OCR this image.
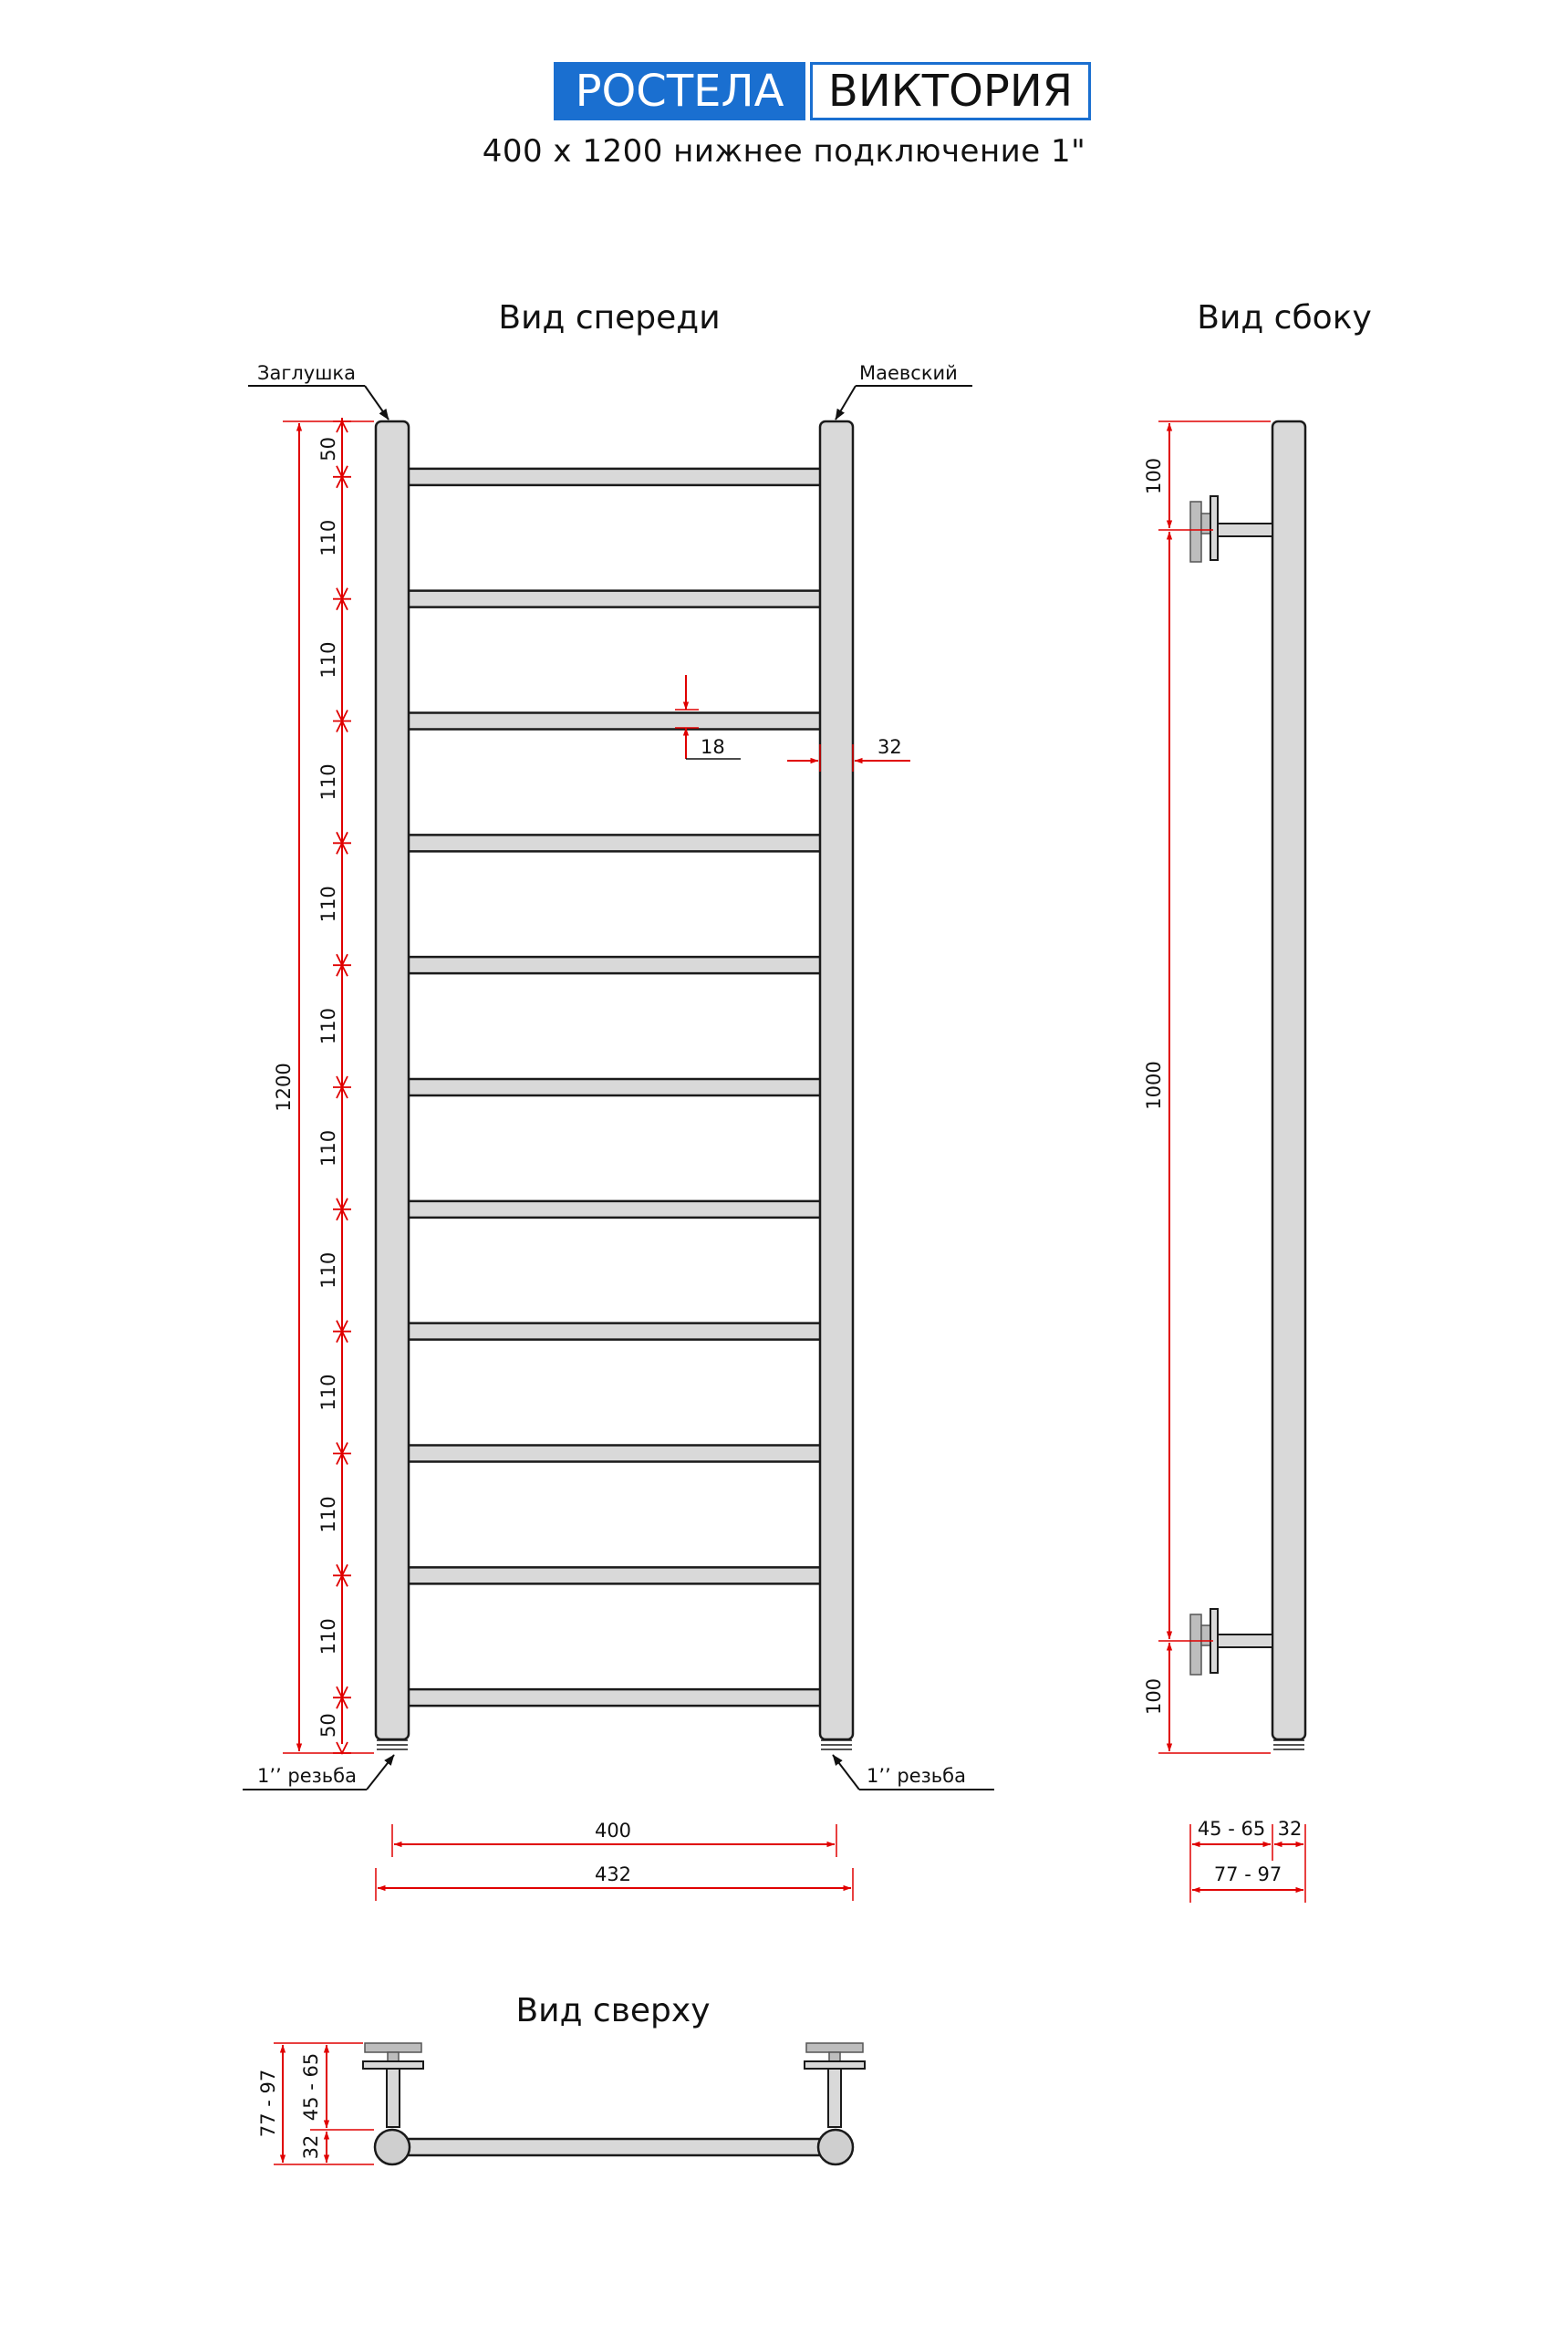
РОСТЕЛА	ВИКТОРИЯ
400 х 1200 нижнее подключение 1"
Вид спереди	Вид сбоку
Вид сверху
Заглушка	Маевский
1’’ резьба	1’’ резьба
1200
50
110
110
110
110
110
110
110
110
110
110
50
18	32
400
432
100
1000
100
45 - 65 32
77 - 97
77 - 97 45 - 65
32
